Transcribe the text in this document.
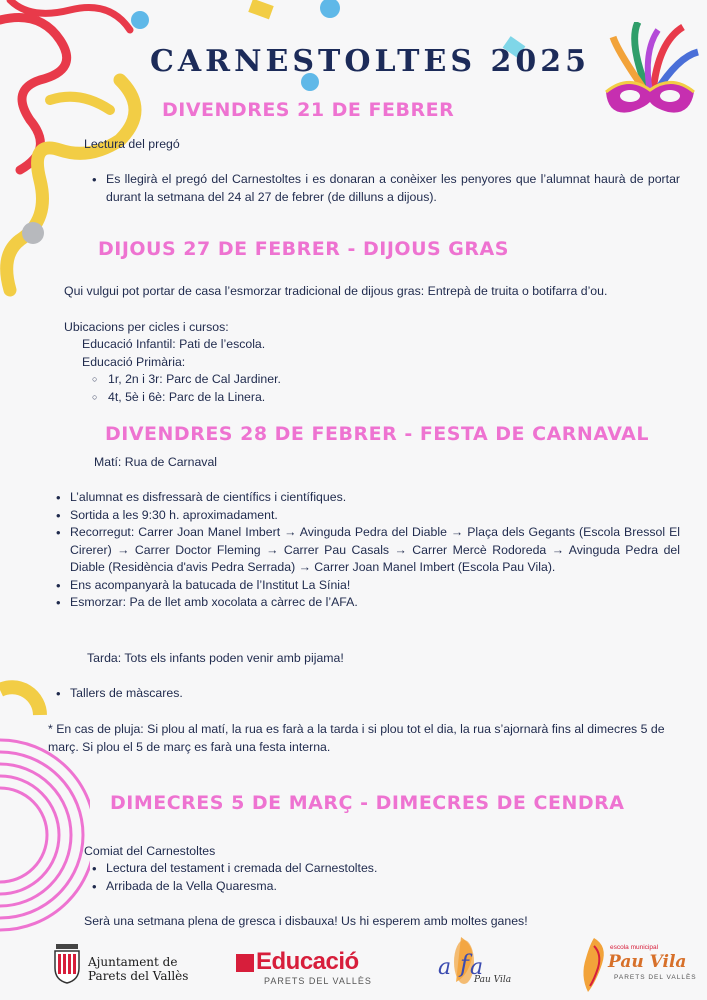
CARNESTOLTES 2025
DIVENDRES 21 DE FEBRER
Lectura del pregó
• Es llegirà el pregó del Carnestoltes i es donaran a conèixer les penyores que l’alumnat haurà de portar durant la setmana del 24 al 27 de febrer (de dilluns a dijous).
DIJOUS 27 DE FEBRER - DIJOUS GRAS
Qui vulgui pot portar de casa l’esmorzar tradicional de dijous gras: Entrepà de truita o botifarra d’ou.
Ubicacions per cicles i cursos:
Educació Infantil: Pati de l’escola.
Educació Primària:
○ 1r, 2n i 3r: Parc de Cal Jardiner.
○ 4t, 5è i 6è: Parc de la Linera.
DIVENDRES 28 DE FEBRER - FESTA DE CARNAVAL
Matí: Rua de Carnaval
• L’alumnat es disfressarà de científics i científiques.
• Sortida a les 9:30 h. aproximadament.
• Recorregut: Carrer Joan Manel Imbert → Avinguda Pedra del Diable → Plaça dels Gegants (Escola Bressol El Cirerer) → Carrer Doctor Fleming → Carrer Pau Casals → Carrer Mercè Rodoreda → Avinguda Pedra del Diable (Residència d'avis Pedra Serrada) → Carrer Joan Manel Imbert (Escola Pau Vila).
• Ens acompanyarà la batucada de l’Institut La Sínia!
• Esmorzar: Pa de llet amb xocolata a càrrec de l’AFA.
Tarda: Tots els infants poden venir amb pijama!
• Tallers de màscares.
* En cas de pluja: Si plou al matí, la rua es farà a la tarda i si plou tot el dia, la rua s’ajornarà fins al dimecres 5 de març. Si plou el 5 de març es farà una festa interna.
DIMECRES 5 DE MARÇ - DIMECRES DE CENDRA
Comiat del Carnestoltes
• Lectura del testament i cremada del Carnestoltes.
• Arribada de la Vella Quaresma.
Serà una setmana plena de gresca i disbauxa! Us hi esperem amb moltes ganes!
Ajuntament de
Parets del Vallès
Educació
PARETS DEL VALLÈS
a f a
Pau Vila
escola municipal
Pau Vila
PARETS DEL VALLÈS
